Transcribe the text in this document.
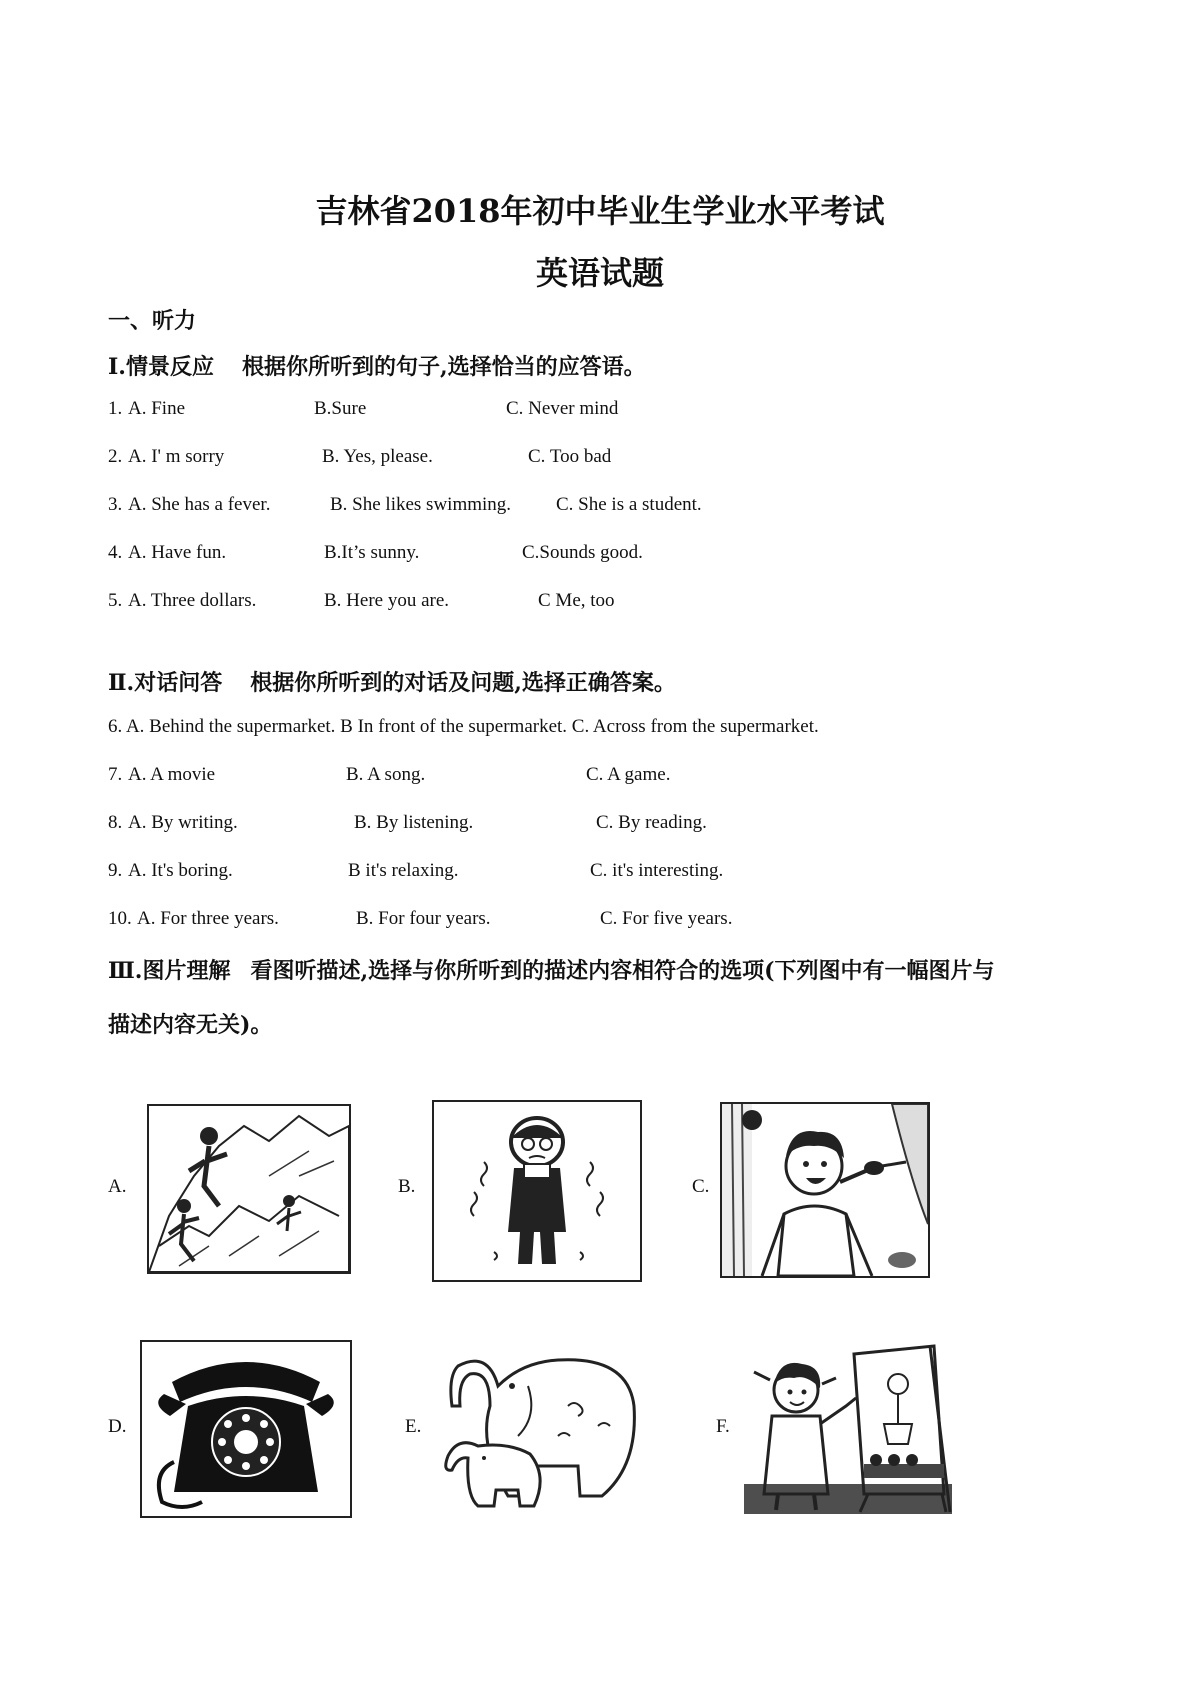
吉林省2018年初中毕业生学业水平考试
英语试题
一、听力
Ⅰ.情景反应 根据你所听到的句子,选择恰当的应答语。
1. A. Fine	B.Sure	C. Never mind
2. A. I' m sorry	B. Yes, please.	C. Too bad
3. A. She has a fever.	B. She likes swimming. C. She is a student.
4. A. Have fun.	B.It’s sunny.	C.Sounds good.
5. A. Three dollars.	B. Here you are.	C Me, too
Ⅱ.对话问答 根据你所听到的对话及问题,选择正确答案。
6. A. Behind the supermarket. B In front of the supermarket. C. Across from the supermarket.
7. A. A movie	B. A song.	C. A game.
8. A. By writing.	B. By listening.	C. By reading.
9. A. It's boring.	B it's relaxing.	C. it's interesting.
10. A. For three years.	B. For four years.	C. For five years.
Ⅲ.图片理解 看图听描述,选择与你所听到的描述内容相符合的选项(下列图中有一幅图片与
描述内容无关)。
A.	B.	C.
D.	E.	F.
